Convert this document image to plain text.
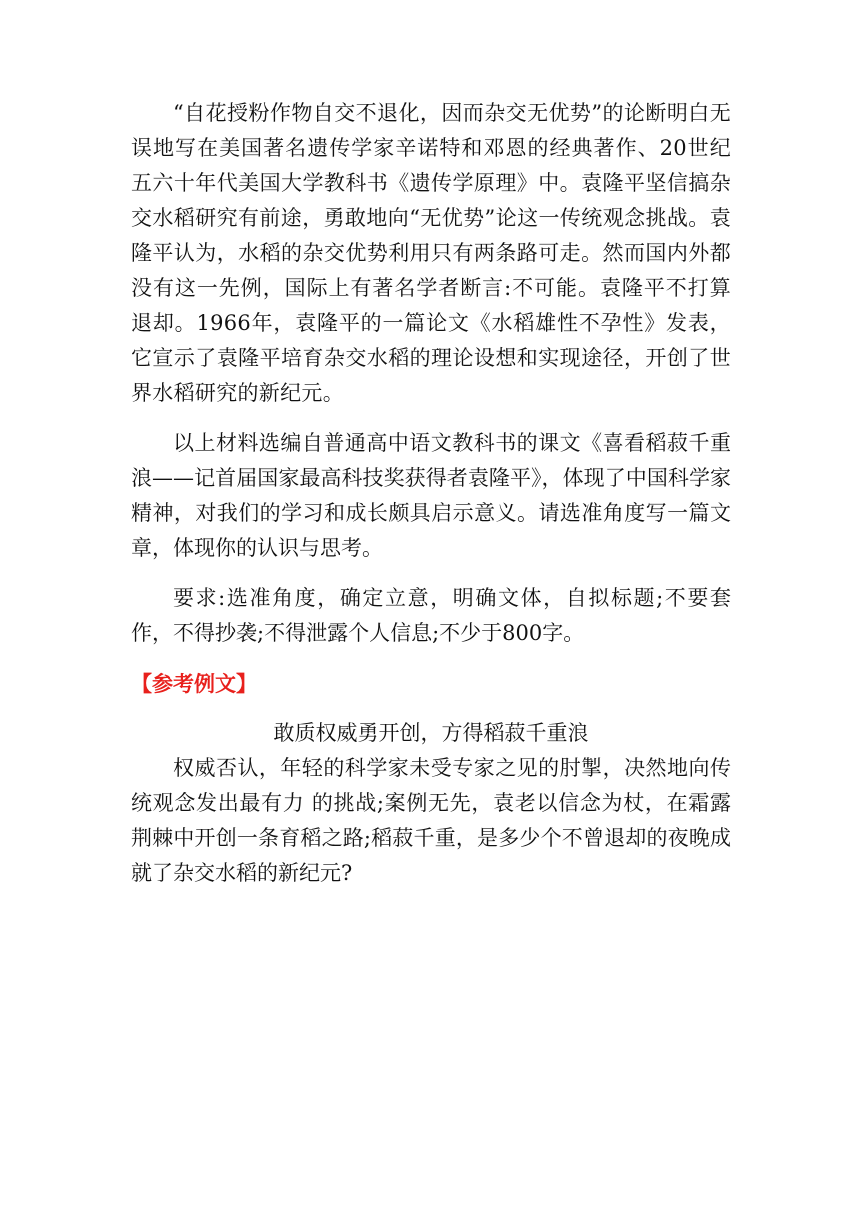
“自花授粉作物自交不退化，因而杂交无优势”的论断明白无误地写在美国著名遗传学家辛诺特和邓恩的经典著作、20世纪五六十年代美国大学教科书《遗传学原理》中。袁隆平坚信搞杂交水稻研究有前途，勇敢地向“无优势”论这一传统观念挑战。袁隆平认为，水稻的杂交优势利用只有两条路可走。然而国内外都没有这一先例，国际上有著名学者断言:不可能。袁隆平不打算退却。1966年，袁隆平的一篇论文《水稻雄性不孕性》发表，它宣示了袁隆平培育杂交水稻的理论设想和实现途径，开创了世界水稻研究的新纪元。

以上材料选编自普通高中语文教科书的课文《喜看稻菽千重浪——记首届国家最高科技奖获得者袁隆平》，体现了中国科学家精神，对我们的学习和成长颇具启示意义。请选准角度写一篇文章，体现你的认识与思考。

要求:选准角度，确定立意，明确文体，自拟标题;不要套作，不得抄袭;不得泄露个人信息;不少于800字。

【参考例文】

敢质权威勇开创，方得稻菽千重浪

权威否认，年轻的科学家未受专家之见的肘掣，决然地向传统观念发出最有力 的挑战;案例无先，袁老以信念为杖，在霜露荆棘中开创一条育稻之路;稻菽千重，是多少个不曾退却的夜晚成就了杂交水稻的新纪元?
